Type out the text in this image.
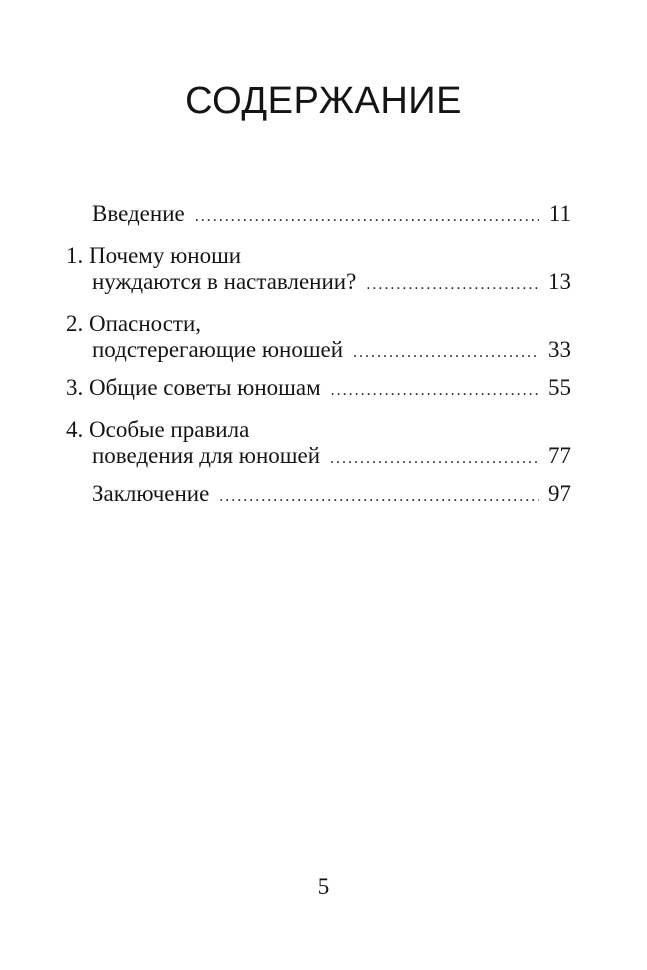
СОДЕРЖАНИЕ
Введение .....	11
1. Почему юноши
нуждаются в наставлении? .....	13
2. Опасности,
подстерегающие юношей .....	33
3. Общие советы юношам .....	55
4. Особые правила
поведения для юношей .....	77
Заключение .....	97
5
